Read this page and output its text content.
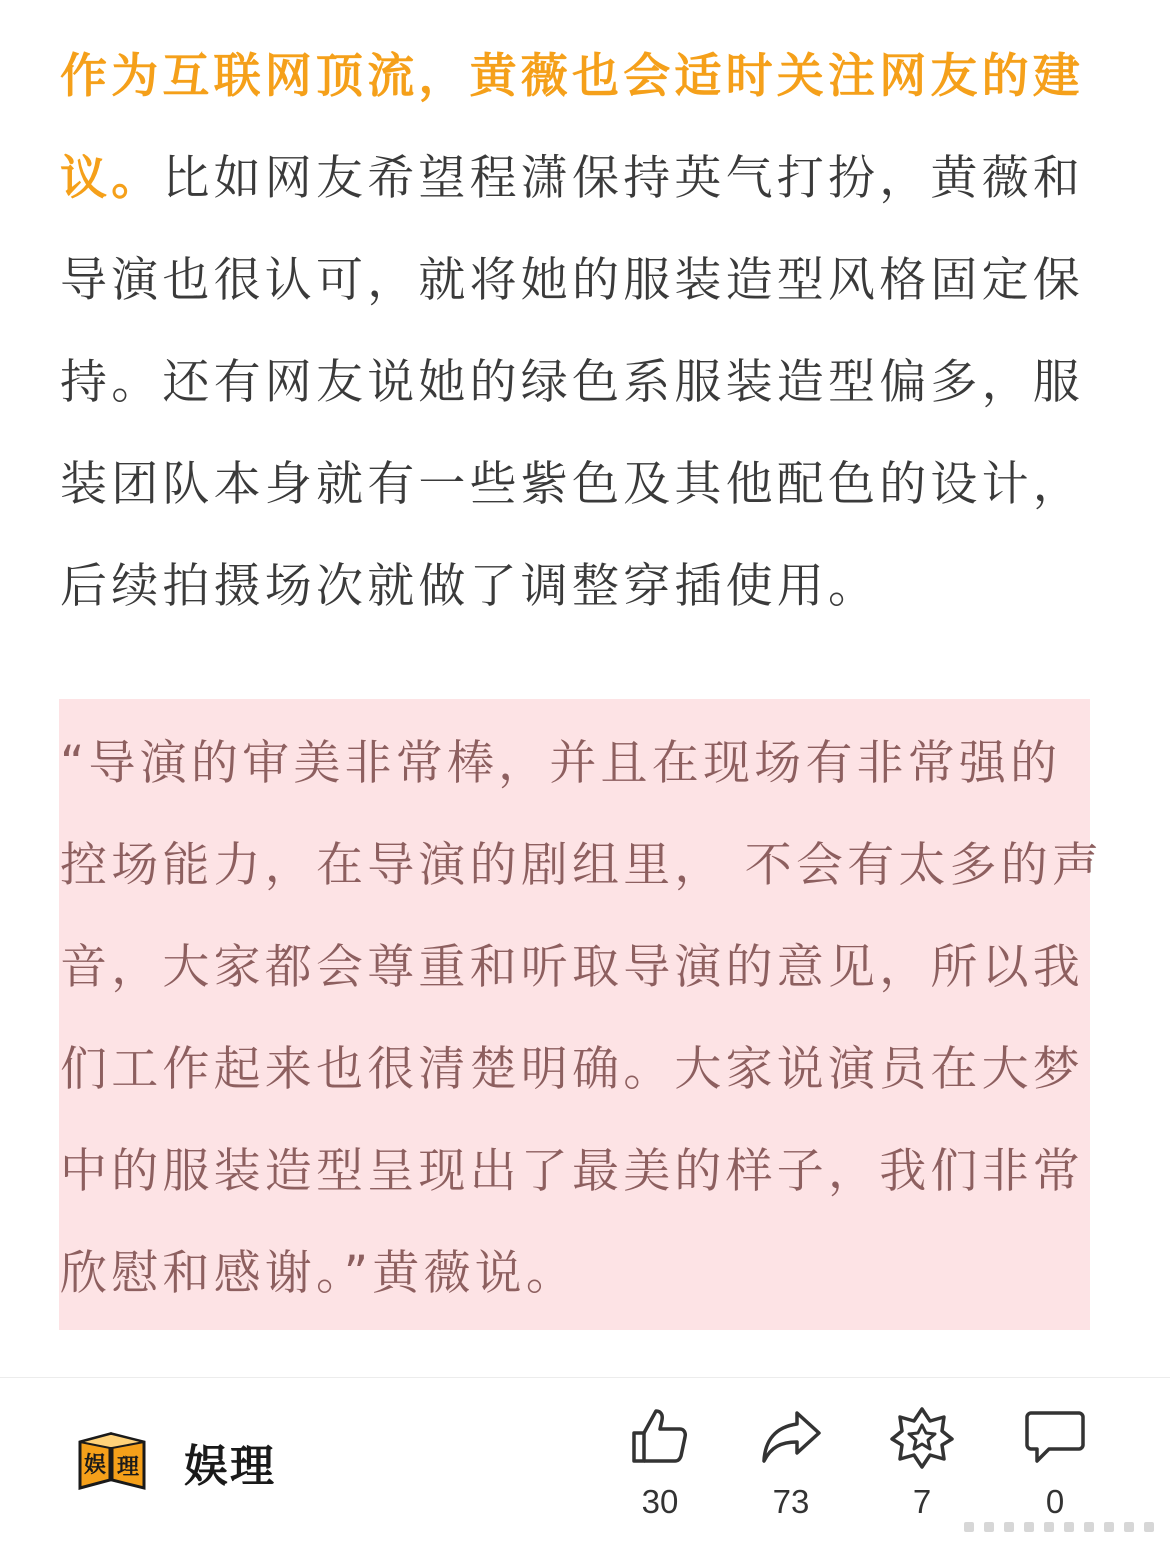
作为互联网顶流，黄薇也会适时关注网友的建议。比如网友希望程潇保持英气打扮，黄薇和导演也很认可，就将她的服装造型风格固定保持。还有网友说她的绿色系服装造型偏多，服装团队本身就有一些紫色及其他配色的设计，后续拍摄场次就做了调整穿插使用。
“导演的审美非常棒，并且在现场有非常强的控场能力，在导演的剧组里， 不会有太多的声音，大家都会尊重和听取导演的意见，所以我们工作起来也很清楚明确。大家说演员在大梦中的服装造型呈现出了最美的样子，我们非常欣慰和感谢。”黄薇说。
娱 理 娱理
30	73	7	0
